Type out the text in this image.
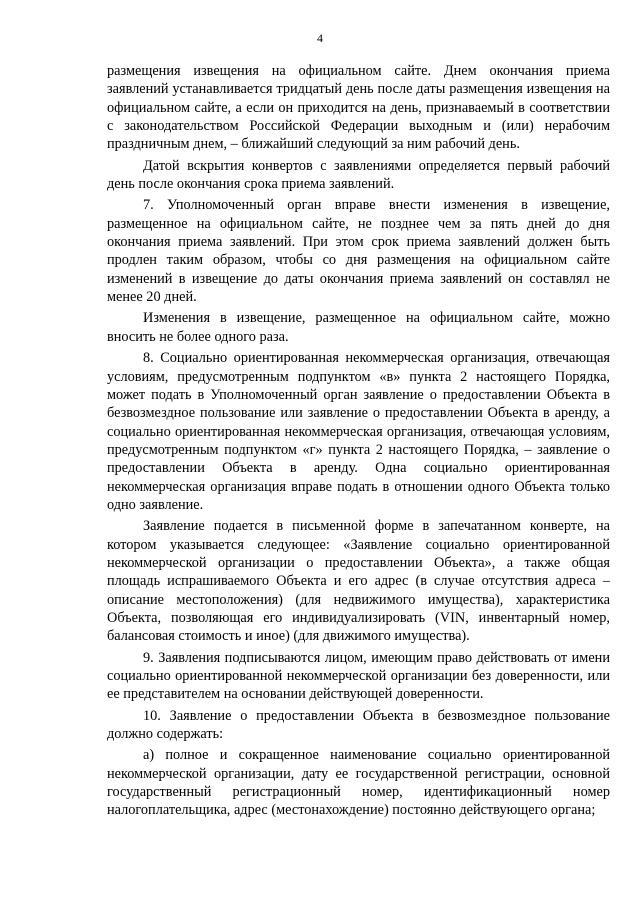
4

размещения извещения на официальном сайте. Днем окончания приема заявлений устанавливается тридцатый день после даты размещения извещения на официальном сайте, а если он приходится на день, признаваемый в соответствии с законодательством Российской Федерации выходным и (или) нерабочим праздничным днем, – ближайший следующий за ним рабочий день.

Датой вскрытия конвертов с заявлениями определяется первый рабочий день после окончания срока приема заявлений.

7. Уполномоченный орган вправе внести изменения в извещение, размещенное на официальном сайте, не позднее чем за пять дней до дня окончания приема заявлений. При этом срок приема заявлений должен быть продлен таким образом, чтобы со дня размещения на официальном сайте изменений в извещение до даты окончания приема заявлений он составлял не менее 20 дней.

Изменения в извещение, размещенное на официальном сайте, можно вносить не более одного раза.

8. Социально ориентированная некоммерческая организация, отвечающая условиям, предусмотренным подпунктом «в» пункта 2 настоящего Порядка, может подать в Уполномоченный орган заявление о предоставлении Объекта в безвозмездное пользование или заявление о предоставлении Объекта в аренду, а социально ориентированная некоммерческая организация, отвечающая условиям, предусмотренным подпунктом «г» пункта 2 настоящего Порядка, – заявление о предоставлении Объекта в аренду. Одна социально ориентированная некоммерческая организация вправе подать в отношении одного Объекта только одно заявление.

Заявление подается в письменной форме в запечатанном конверте, на котором указывается следующее: «Заявление социально ориентированной некоммерческой организации о предоставлении Объекта», а также общая площадь испрашиваемого Объекта и его адрес (в случае отсутствия адреса – описание местоположения) (для недвижимого имущества), характеристика Объекта, позволяющая его индивидуализировать (VIN, инвентарный номер, балансовая стоимость и иное) (для движимого имущества).

9. Заявления подписываются лицом, имеющим право действовать от имени социально ориентированной некоммерческой организации без доверенности, или ее представителем на основании действующей доверенности.

10. Заявление о предоставлении Объекта в безвозмездное пользование должно содержать:

а) полное и сокращенное наименование социально ориентированной некоммерческой организации, дату ее государственной регистрации, основной государственный регистрационный номер, идентификационный номер налогоплательщика, адрес (местонахождение) постоянно действующего органа;
